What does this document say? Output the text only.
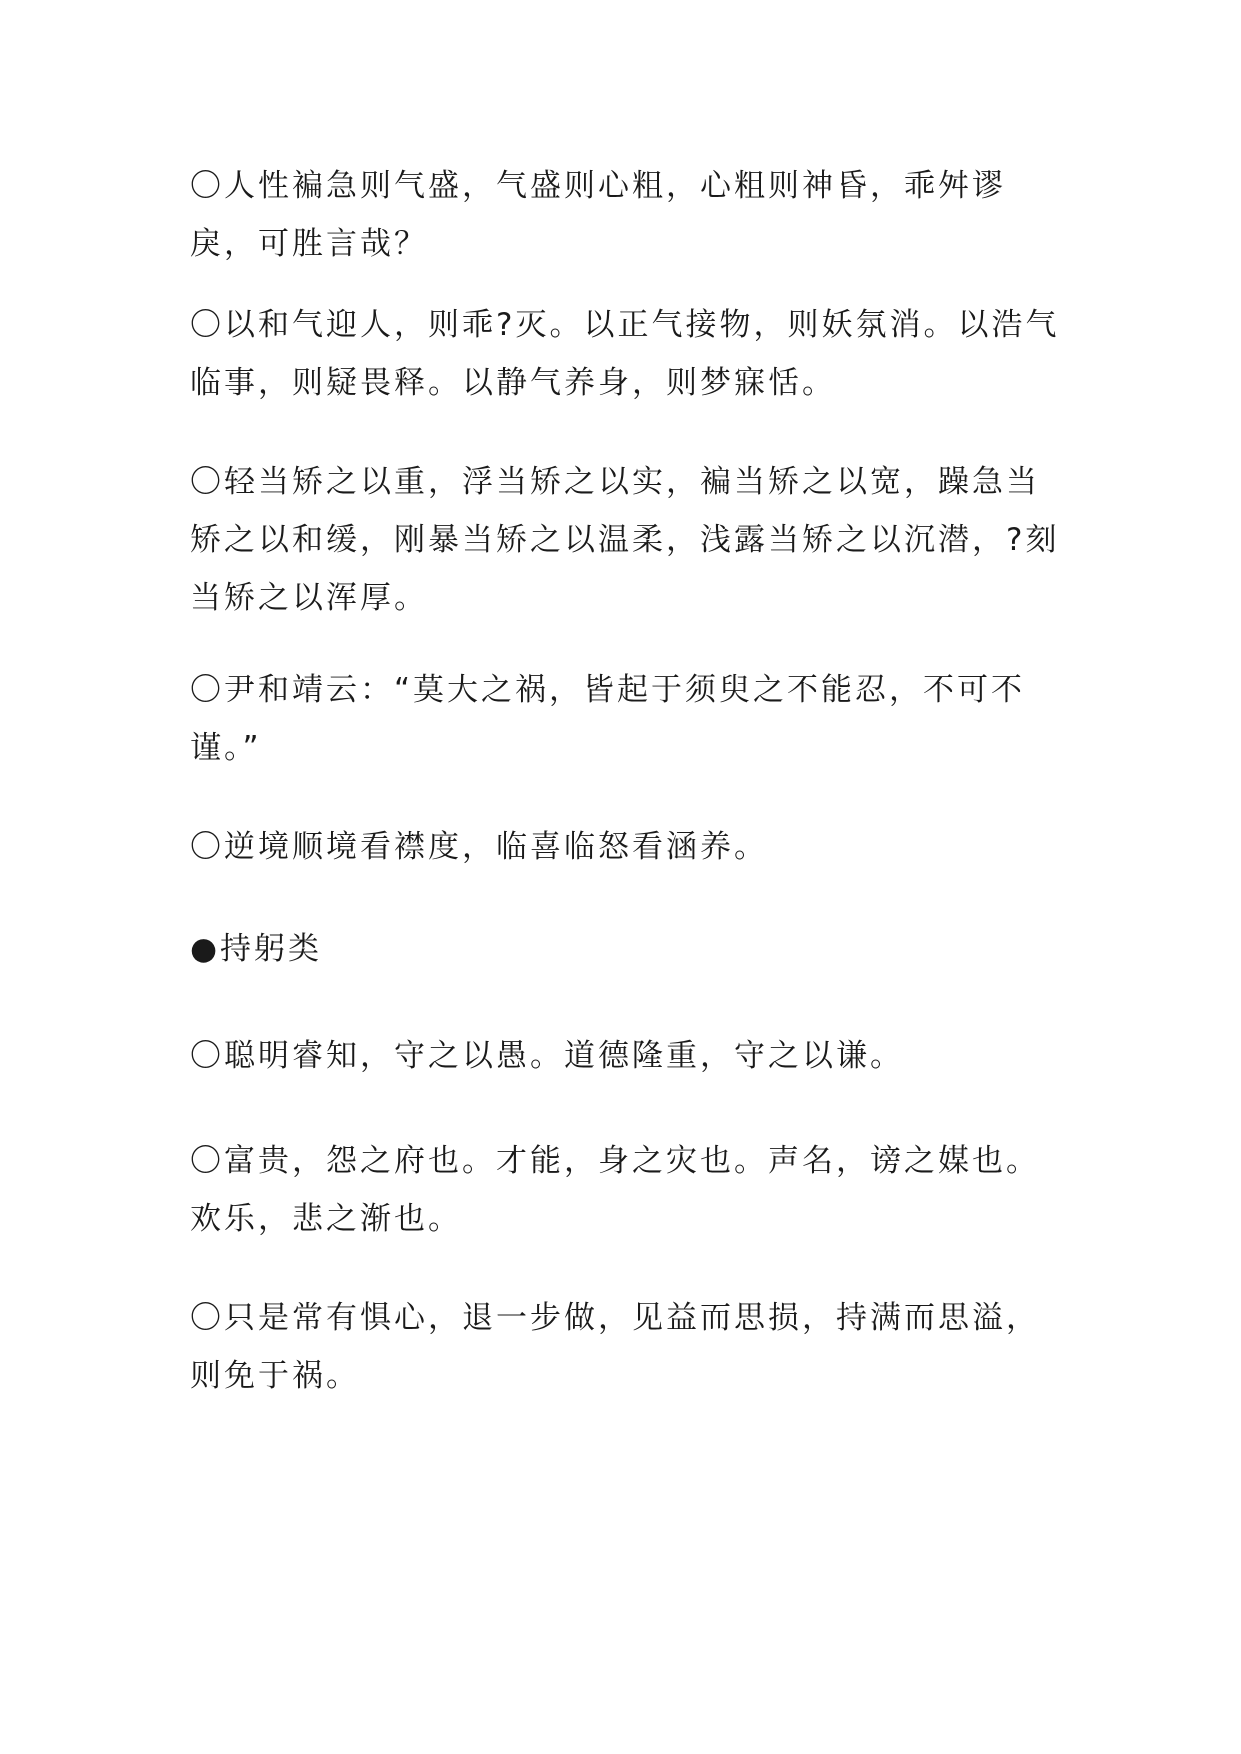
〇人性褊急则气盛，气盛则心粗，心粗则神昏，乖舛谬戾，可胜言哉？

〇以和气迎人，则乖?灭。以正气接物，则妖氛消。以浩气临事，则疑畏释。以静气养身，则梦寐恬。

〇轻当矫之以重，浮当矫之以实，褊当矫之以宽，躁急当矫之以和缓，刚暴当矫之以温柔，浅露当矫之以沉潜，?刻当矫之以浑厚。

〇尹和靖云：“莫大之祸，皆起于须臾之不能忍，不可不谨。”

〇逆境顺境看襟度，临喜临怒看涵养。

●持躬类

〇聪明睿知，守之以愚。道德隆重，守之以谦。

〇富贵，怨之府也。才能，身之灾也。声名，谤之媒也。欢乐，悲之渐也。

〇只是常有惧心，退一步做，见益而思损，持满而思溢，则免于祸。
